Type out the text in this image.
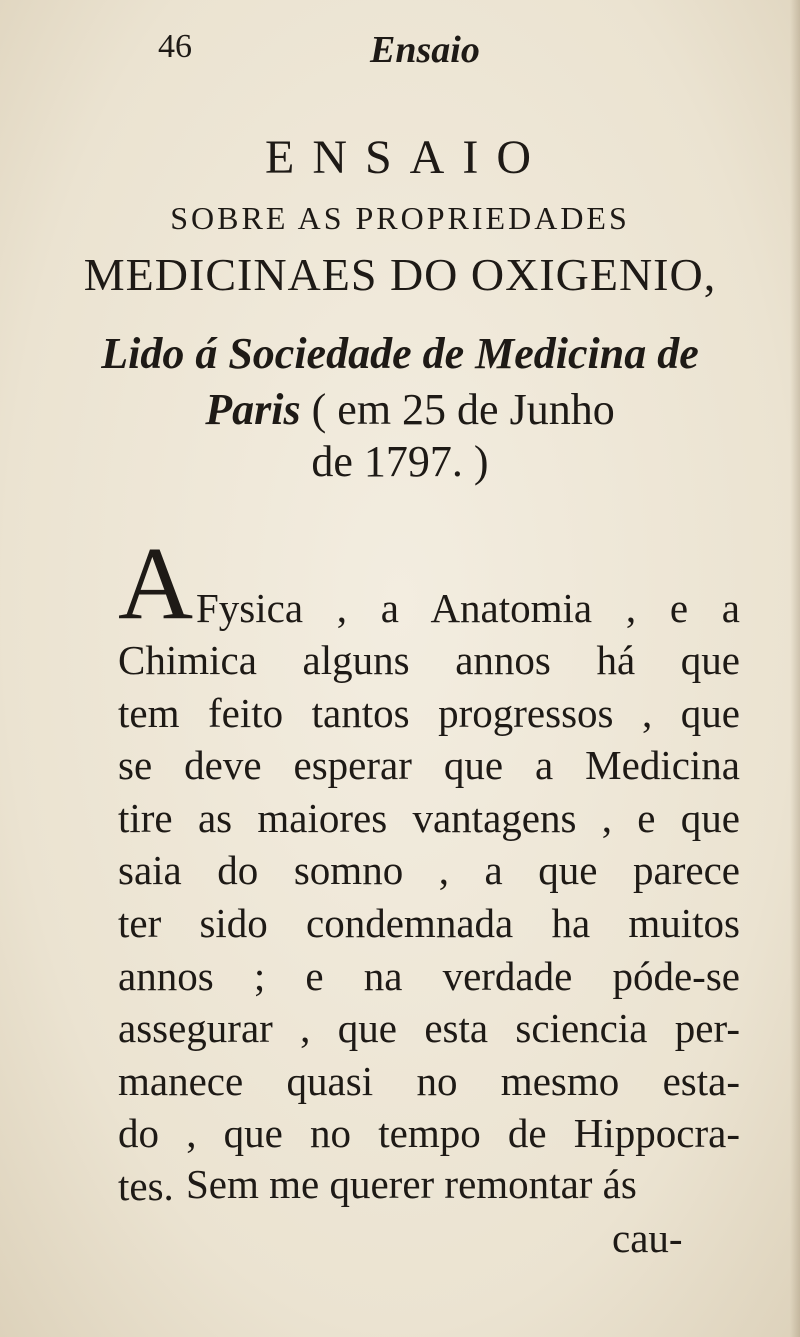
46	Ensaio
ENSAIO
SOBRE AS PROPRIEDADES
MEDICINAES DO OXIGENIO,
Lido á Sociedade de Medicina de
Paris ( em 25 de Junho
de 1797. )
A Fysica , a Anatomia , e a
Chimica alguns annos há que
tem feito tantos progressos , que
se deve esperar que a Medicina
tire as maiores vantagens , e que
saia do somno , a que parece
ter sido condemnada ha muitos
annos ; e na verdade póde-se
assegurar , que esta sciencia per-
manece quasi no mesmo esta-
do , que no tempo de Hippocra-
tes. Sem me querer remontar ás
cau-
